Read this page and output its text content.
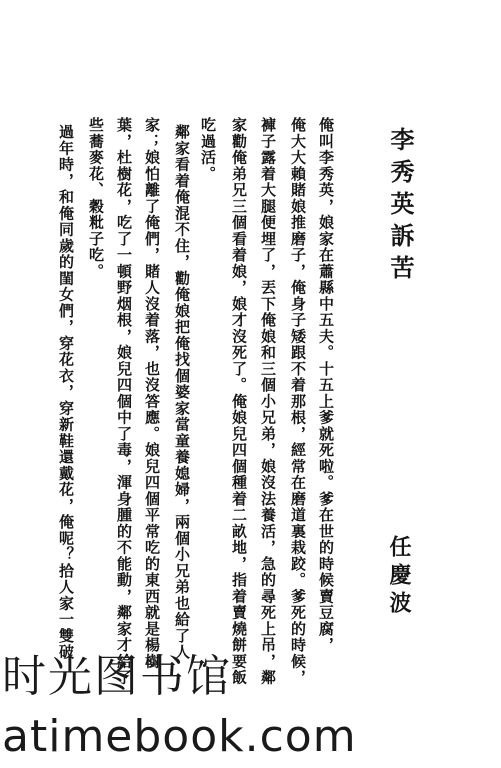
李秀英訴苦
任慶波
俺叫李秀英，娘家在蕭縣中五夫。十五上爹就死啦。爹在世的時候賣豆腐，
俺大大賴賭娘推磨子，俺身子矮跟不着那根，經常在磨道裏栽跤。爹死的時候，
褲子露着大腿便埋了，丟下俺娘和三個小兄弟，娘沒法養活，急的尋死上吊，鄰
家勸俺弟兄三個看着娘，娘才沒死了。俺娘兒四個種着二畝地，指着賣燒餅要飯
吃過活。
鄰家看着俺混不住，勸俺娘把俺找個婆家當童養媳婦，兩個小兄弟也給了人
家；娘怕離了俺們，賭人沒着落，也沒答應。娘兒四個平常吃的東西就是楊樹
葉，杜樹花，吃了一頓野烟根，娘兒四個中了毒，渾身腫的不能動，鄰家才給了
些蕎麥花、穀粃子吃。
過年時，和俺同歲的閨女們，穿花衣，穿新鞋還戴花，俺呢？拾人家一雙破
时光图书馆
atimebook.com
